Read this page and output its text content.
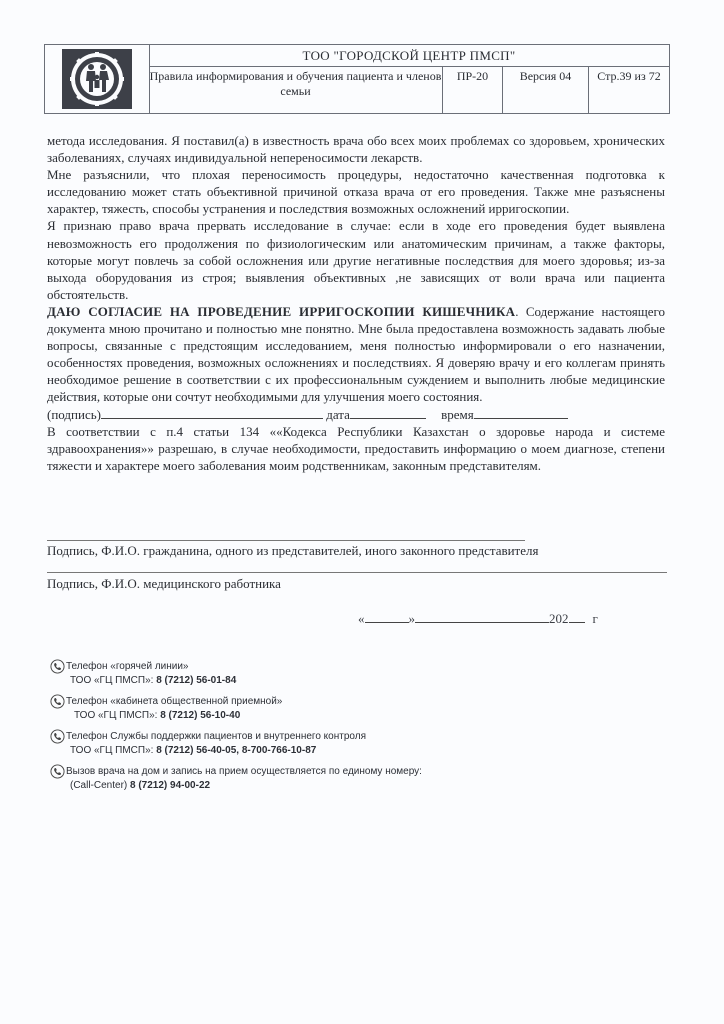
ТОО "ГОРОДСКОЙ ЦЕНТР ПМСП"
Правила информирования и обучения пациента и членов семьи
ПР-20	Версия 04	Стр.39 из 72

метода исследования. Я поставил(а) в известность врача обо всех моих проблемах со здоровьем, хронических заболеваниях, случаях индивидуальной непереносимости лекарств.

Мне разъяснили, что плохая переносимость процедуры, недостаточно качественная подготовка к исследованию может стать объективной причиной отказа врача от его проведения. Также мне разъяснены характер, тяжесть, способы устранения и последствия возможных осложнений ирригоскопии.

Я признаю право врача прервать исследование в случае: если в ходе его проведения будет выявлена невозможность его продолжения по физиологическим или анатомическим причинам, а также факторы, которые могут повлечь за собой осложнения или другие негативные последствия для моего здоровья; из-за выхода оборудования из строя; выявления объективных ,не зависящих от воли врача или пациента обстоятельств.

ДАЮ СОГЛАСИЕ НА ПРОВЕДЕНИЕ ИРРИГОСКОПИИ КИШЕЧНИКА. Содержание настоящего документа мною прочитано и полностью мне понятно. Мне была предоставлена возможность задавать любые вопросы, связанные с предстоящим исследованием, меня полностью информировали о его назначении, особенностях проведения, возможных осложнениях и последствиях. Я доверяю врачу и его коллегам принять необходимое решение в соответствии с их профессиональным суждением и выполнить любые медицинские действия, которые они сочтут необходимыми для улучшения моего состояния.

(подпись)	дата	время

В соответствии с п.4 статьи 134 ««Кодекса Республики Казахстан о здоровье народа и системе здравоохранения»» разрешаю, в случае необходимости, предоставить информацию о моем диагнозе, степени тяжести и характере моего заболевания моим родственникам, законным представителям.

Подпись, Ф.И.О. гражданина, одного из представителей, иного законного представителя
Подпись, Ф.И.О. медицинского работника
«	»	202 г
Телефон «горячей линии»
ТОО «ГЦ ПМСП»: 8 (7212) 56-01-84
Телефон «кабинета общественной приемной»
ТОО «ГЦ ПМСП»: 8 (7212) 56-10-40
Телефон Службы поддержки пациентов и внутреннего контроля
ТОО «ГЦ ПМСП»: 8 (7212) 56-40-05, 8-700-766-10-87
Вызов врача на дом и запись на прием осуществляется по единому номеру:
(Call-Center) 8 (7212) 94-00-22
